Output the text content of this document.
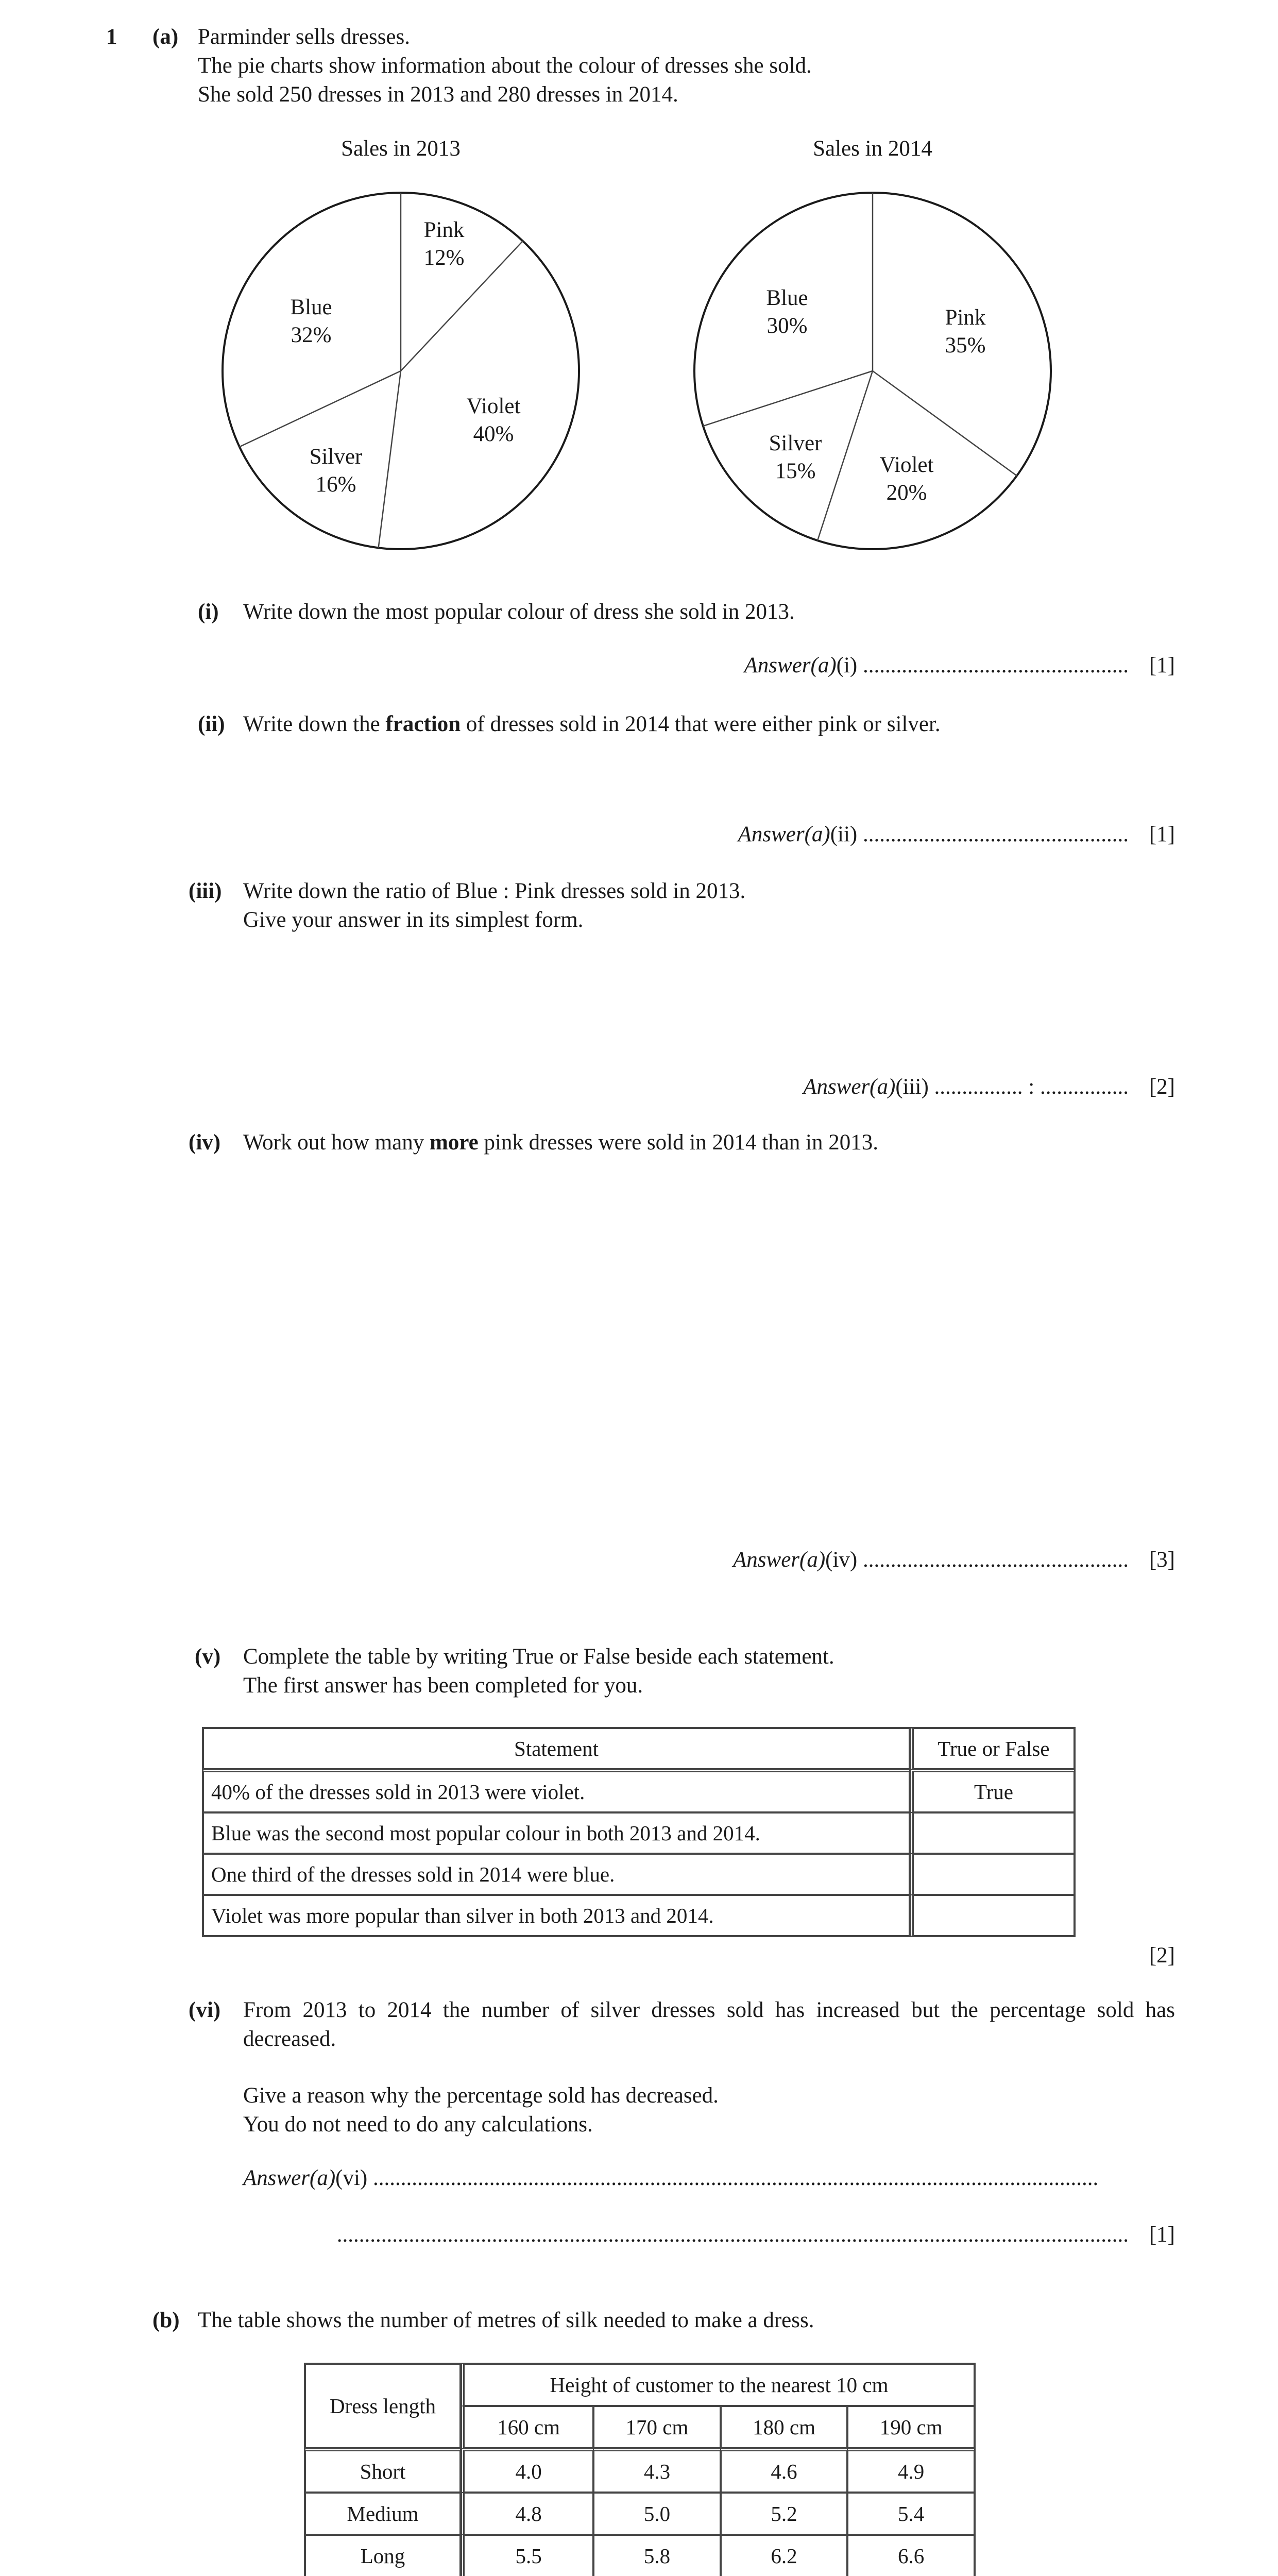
1 (a) Parminder sells dresses.
The pie charts show information about the colour of dresses she sold.
She sold 250 dresses in 2013 and 280 dresses in 2014.
Sales in 2013
Pink
12%
Violet
40%
Silver
16%
Blue
32%
Sales in 2014
Pink
35%
Violet
20%
Silver
15%
Blue
30%
(i) Write down the most popular colour of dress she sold in 2013.
Answer(a)(i) ................................................ [1]
(ii) Write down the fraction of dresses sold in 2014 that were either pink or silver.
Answer(a)(ii) ................................................ [1]
(iii) Write down the ratio of Blue : Pink dresses sold in 2013.
Give your answer in its simplest form.
Answer(a)(iii) ................ : ................ [2]
(iv) Work out how many more pink dresses were sold in 2014 than in 2013.
Answer(a)(iv) ................................................ [3]
(v) Complete the table by writing True or False beside each statement.
The first answer has been completed for you.
Statement	True or False
40% of the dresses sold in 2013 were violet.	True
Blue was the second most popular colour in both 2013 and 2014.	
One third of the dresses sold in 2014 were blue.	
Violet was more popular than silver in both 2013 and 2014.	
[2]
(vi) From 2013 to 2014 the number of silver dresses sold has increased but the percentage sold has
decreased.
Give a reason why the percentage sold has decreased.
You do not need to do any calculations.
Answer(a)(vi) ...................................................................................................................................
............................................................................................................................................... [1]
(b) The table shows the number of metres of silk needed to make a dress.
Dress length	Height of customer to the nearest 10 cm			
	160 cm	170 cm	180 cm	190 cm
Short	4.0	4.3	4.6	4.9
Medium	4.8	5.0	5.2	5.4
Long	5.5	5.8	6.2	6.6
